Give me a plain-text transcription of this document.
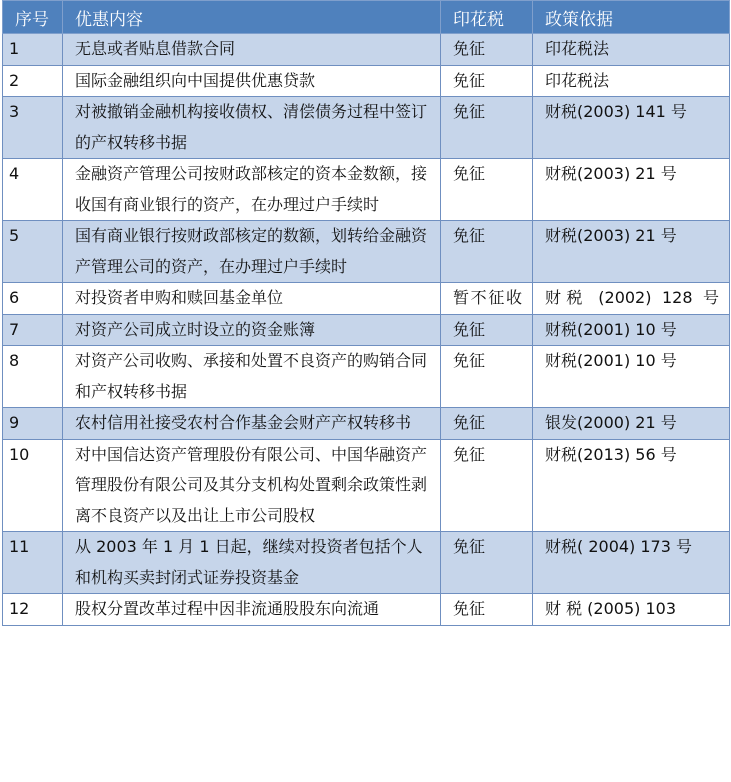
序号	优惠内容	印花税	政策依据
1	无息或者贴息借款合同	免征	印花税法
2	国际金融组织向中国提供优惠贷款	免征	印花税法
3	对被撤销金融机构接收债权、清偿债务过程中签订的产权转移书据	免征	财税(2003) 141 号
4	金融资产管理公司按财政部核定的资本金数额，接收国有商业银行的资产，在办理过户手续时	免征	财税(2003) 21 号
5	国有商业银行按财政部核定的数额，划转给金融资产管理公司的资产，在办理过户手续时	免征	财税(2003) 21 号
6	对投资者申购和赎回基金单位	暂不征收	财税 (2002) 128 号
7	对资产公司成立时设立的资金账簿	免征	财税(2001) 10 号
8	对资产公司收购、承接和处置不良资产的购销合同和产权转移书据	免征	财税(2001) 10 号
9	农村信用社接受农村合作基金会财产产权转移书	免征	银发(2000) 21 号
10	对中国信达资产管理股份有限公司、中国华融资产管理股份有限公司及其分支机构处置剩余政策性剥离不良资产以及出让上市公司股权	免征	财税(2013) 56 号
11	从 2003 年 1 月 1 日起，继续对投资者包括个人和机构买卖封闭式证券投资基金	免征	财税( 2004) 173 号
12	股权分置改革过程中因非流通股股东向流通	免征	财 税 (2005) 103
